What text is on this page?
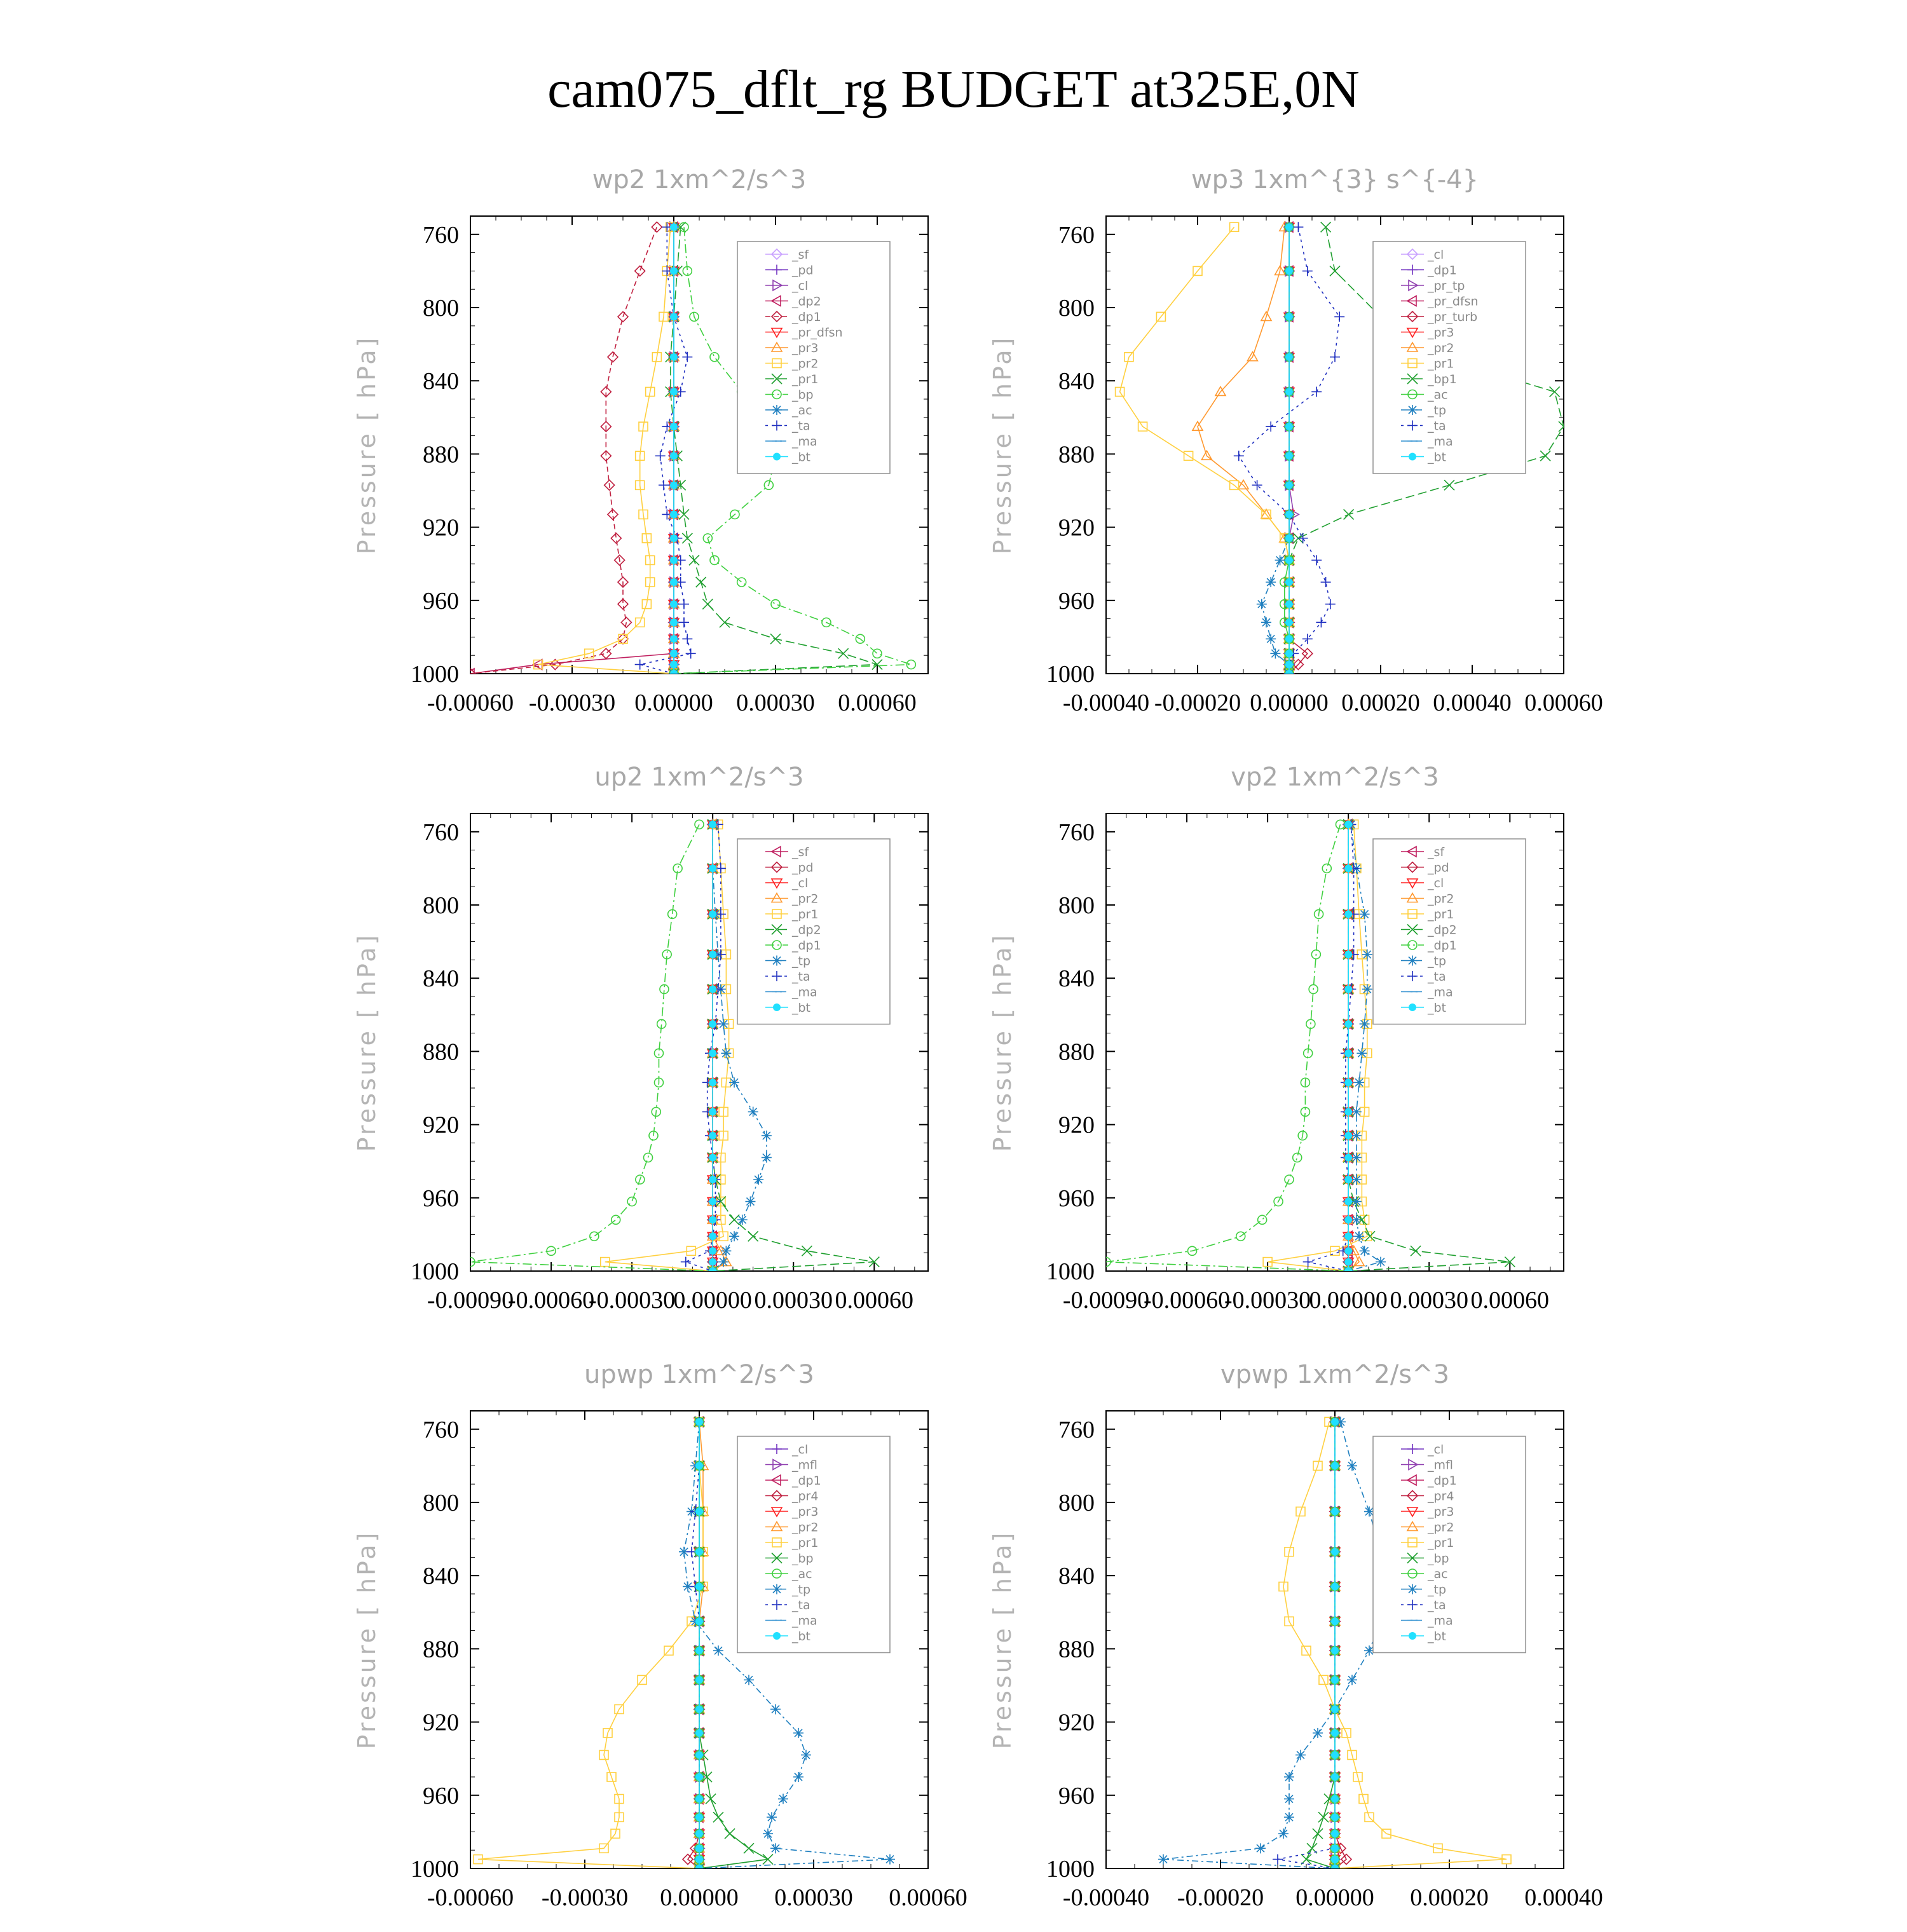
cam075_dflt_rg BUDGET at325E,0N
wp2 1xm^2/s^3
Pressure [ hPa]
760
800
840
880
920
960
1000
-0.00060 -0.00030 0.00000 0.00030 0.00060
_sf
_pd
_cl
_dp2
_dp1
_pr_dfsn
_pr3
_pr2
_pr1
_bp
_ac
_ta
_ma
_bt
wp3 1xm^{3} s^{-4}
Pressure [ hPa]
760
800
840
880
920
960
1000
-0.00040 -0.00020 0.00000 0.00020 0.00040 0.00060
_cl
_dp1
_pr_tp
_pr_dfsn
_pr_turb
_pr3
_pr2
_pr1
_bp1
_ac
_tp
_ta
_ma
_bt
up2 1xm^2/s^3
Pressure [ hPa]
760
800
840
880
920
960
1000
-0.00090
-0.00060
-0.00030
0.00000 0.00030 0.00060
_sf
_pd
_cl
_pr2
_pr1
_dp2
_dp1
_tp
_ta
_ma
_bt
vp2 1xm^2/s^3
Pressure [ hPa]
760
800
840
880
920
960
1000
-0.00090
-0.00060
-0.00030
0.00000 0.00030 0.00060
_sf
_pd
_cl
_pr2
_pr1
_dp2
_dp1
_tp
_ta
_ma
_bt
upwp 1xm^2/s^3
Pressure [ hPa]
760
800
840
880
920
960
1000
-0.00060 -0.00030 0.00000 0.00030 0.00060
_cl
_mfl
_dp1
_pr4
_pr3
_pr2
_pr1
_bp
_ac
_tp
_ta
_ma
_bt
vpwp 1xm^2/s^3
Pressure [ hPa]
760
800
840
880
920
960
1000
-0.00040 -0.00020 0.00000 0.00020 0.00040
_cl
_mfl
_dp1
_pr4
_pr3
_pr2
_pr1
_bp
_ac
_tp
_ta
_ma
_bt
